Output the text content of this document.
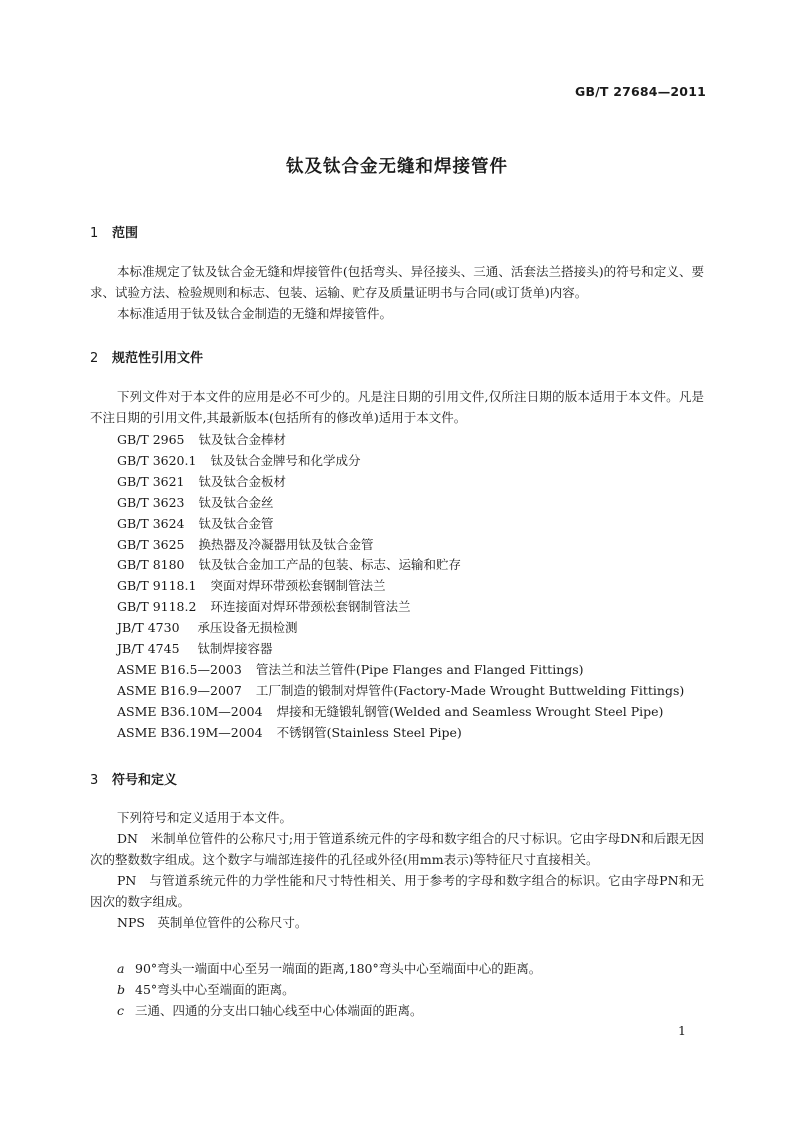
GB/T 27684—2011
钛及钛合金无缝和焊接管件
1 范围

本标准规定了钛及钛合金无缝和焊接管件(包括弯头、异径接头、三通、活套法兰搭接头)的符号和定义、要求、试验方法、检验规则和标志、包装、运输、贮存及质量证明书与合同(或订货单)内容。

本标准适用于钛及钛合金制造的无缝和焊接管件。

2 规范性引用文件

下列文件对于本文件的应用是必不可少的。凡是注日期的引用文件,仅所注日期的版本适用于本文件。凡是不注日期的引用文件,其最新版本(包括所有的修改单)适用于本文件。

GB/T 2965 钛及钛合金棒材
GB/T 3620.1 钛及钛合金牌号和化学成分
GB/T 3621 钛及钛合金板材
GB/T 3623 钛及钛合金丝
GB/T 3624 钛及钛合金管
GB/T 3625 换热器及冷凝器用钛及钛合金管
GB/T 8180 钛及钛合金加工产品的包装、标志、运输和贮存
GB/T 9118.1 突面对焊环带颈松套钢制管法兰
GB/T 9118.2 环连接面对焊环带颈松套钢制管法兰
JB/T 4730 承压设备无损检测
JB/T 4745 钛制焊接容器
ASME B16.5—2003 管法兰和法兰管件(Pipe Flanges and Flanged Fittings)
ASME B16.9—2007 工厂制造的锻制对焊管件(Factory-Made Wrought Buttwelding Fittings)
ASME B36.10M—2004 焊接和无缝锻轧钢管(Welded and Seamless Wrought Steel Pipe)
ASME B36.19M—2004 不锈钢管(Stainless Steel Pipe)
3 符号和定义

下列符号和定义适用于本文件。

DN　米制单位管件的公称尺寸;用于管道系统元件的字母和数字组合的尺寸标识。它由字母DN和后跟无因次的整数数字组成。这个数字与端部连接件的孔径或外径(用mm表示)等特征尺寸直接相关。

PN　与管道系统元件的力学性能和尺寸特性相关、用于参考的字母和数字组合的标识。它由字母PN和无因次的数字组成。

NPS　英制单位管件的公称尺寸。

a 90°弯头一端面中心至另一端面的距离,180°弯头中心至端面中心的距离。
b 45°弯头中心至端面的距离。
c 三通、四通的分支出口轴心线至中心体端面的距离。
1
